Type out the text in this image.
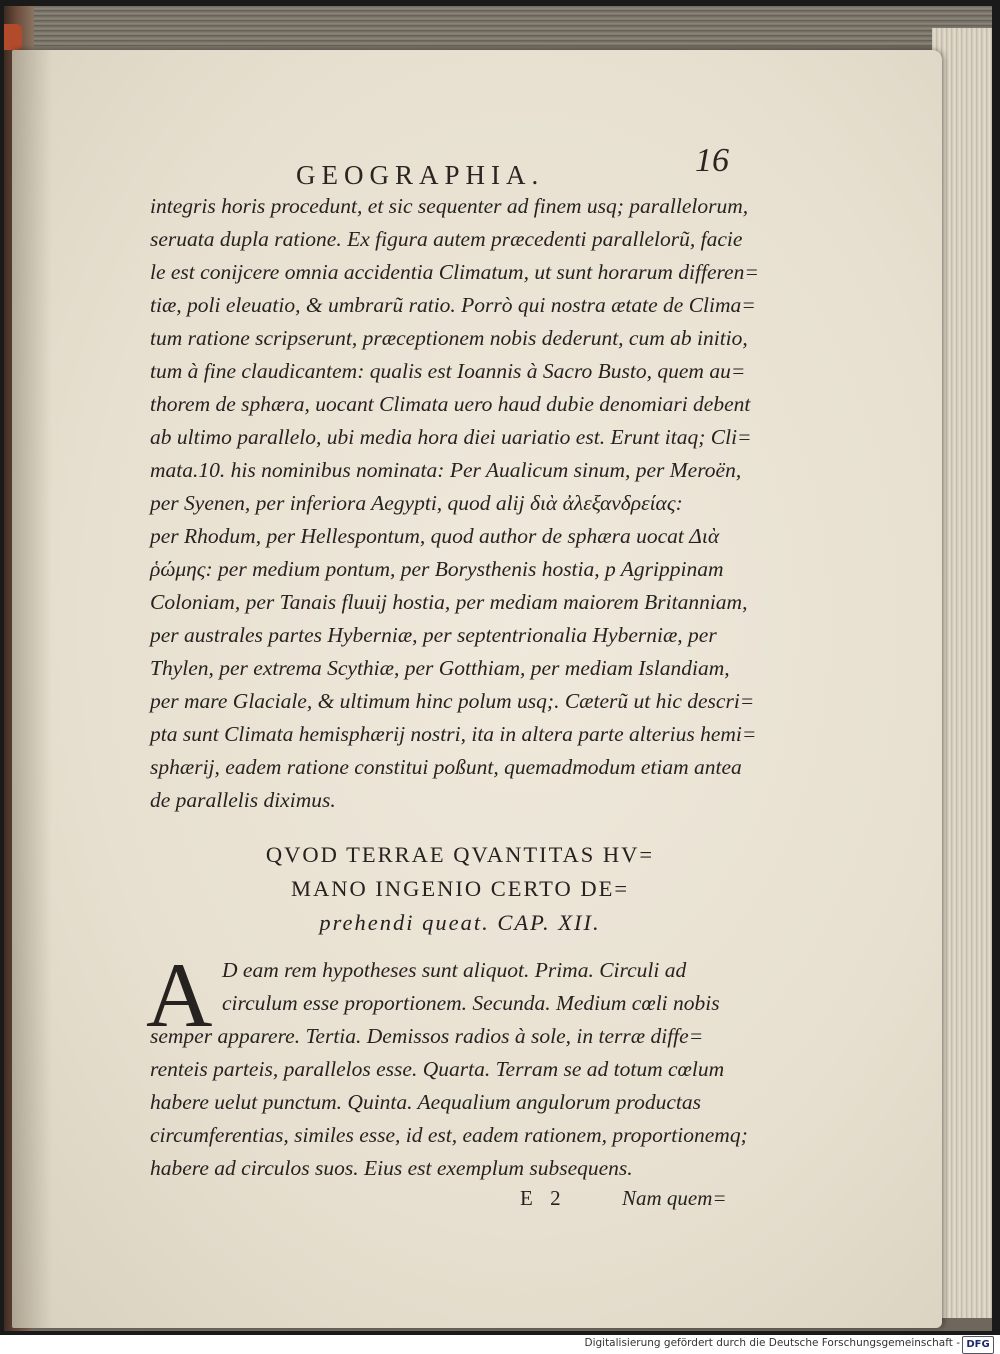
GEOGRAPHIA.	16
integris horis procedunt, et sic sequenter ad finem usq; parallelorum,
seruata dupla ratione. Ex figura autem præcedenti parallelorũ, facie
le est conijcere omnia accidentia Climatum, ut sunt horarum differen=
tiæ, poli eleuatio, & umbrarũ ratio. Porrò qui nostra ætate de Clima=
tum ratione scripserunt, præceptionem nobis dederunt, cum ab initio,
tum à fine claudicantem: qualis est Ioannis à Sacro Busto, quem au=
thorem de sphæra, uocant Climata uero haud dubie denomiari debent
ab ultimo parallelo, ubi media hora diei uariatio est. Erunt itaq; Cli=
mata.10. his nominibus nominata: Per Aualicum sinum, per Meroën,
per Syenen, per inferiora Aegypti, quod alij διὰ ἀλεξανδρείας:
per Rhodum, per Hellespontum, quod author de sphæra uocat Διὰ
ῥώμης: per medium pontum, per Borysthenis hostia, p Agrippinam
Coloniam, per Tanais fluuij hostia, per mediam maiorem Britanniam,
per australes partes Hyberniæ, per septentrionalia Hyberniæ, per
Thylen, per extrema Scythiæ, per Gotthiam, per mediam Islandiam,
per mare Glaciale, & ultimum hinc polum usq;. Cæterũ ut hic descri=
pta sunt Climata hemisphærij nostri, ita in altera parte alterius hemi=
sphærij, eadem ratione constitui poßunt, quemadmodum etiam antea
de parallelis diximus.
QVOD TERRAE QVANTITAS HV=
MANO INGENIO CERTO DE=
prehendi queat. CAP. XII.
A D eam rem hypotheses sunt aliquot. Prima. Circuli ad
circulum esse proportionem. Secunda. Medium cœli nobis
semper apparere. Tertia. Demissos radios à sole, in terræ diffe=
renteis parteis, parallelos esse. Quarta. Terram se ad totum cœlum
habere uelut punctum. Quinta. Aequalium angulorum productas
circumferentias, similes esse, id est, eadem rationem, proportionemq;
habere ad circulos suos. Eius est exemplum subsequens.
E 2	Nam quem=
Digitalisierung gefördert durch die Deutsche Forschungsgemeinschaft - DFG
